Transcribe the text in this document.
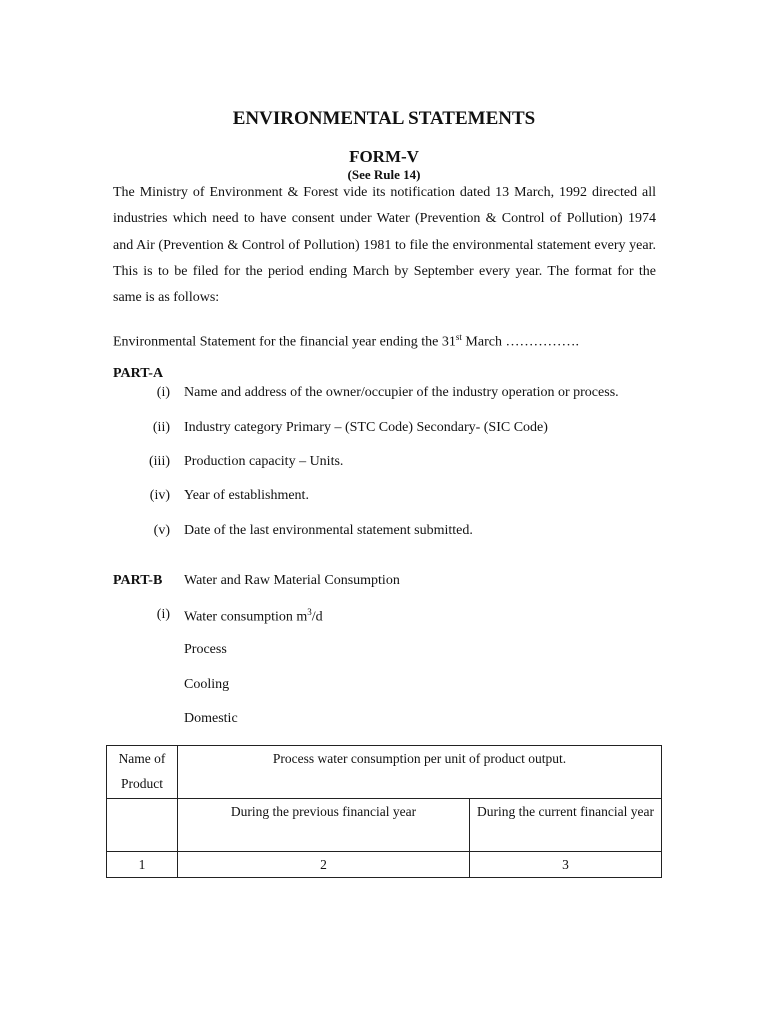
ENVIRONMENTAL STATEMENTS
FORM-V
(See Rule 14)
The Ministry of Environment & Forest vide its notification dated 13 March, 1992 directed all industries which need to have consent under Water (Prevention & Control of Pollution) 1974 and Air (Prevention & Control of Pollution) 1981 to file the environmental statement every year. This is to be filed for the period ending March by September every year. The format for the same is as follows:
Environmental Statement for the financial year ending the 31st March …………….
PART-A
(i) Name and address of the owner/occupier of the industry operation or process.
(ii) Industry category Primary – (STC Code) Secondary- (SIC Code)
(iii) Production capacity – Units.
(iv) Year of establishment.
(v) Date of the last environmental statement submitted.
PART-B Water and Raw Material Consumption
(i) Water consumption $m^3/d$
Process
Cooling
Domestic
Name of Product	Process water consumption per unit of product output.	
	During the previous financial year	During the current financial year
1	2	3
